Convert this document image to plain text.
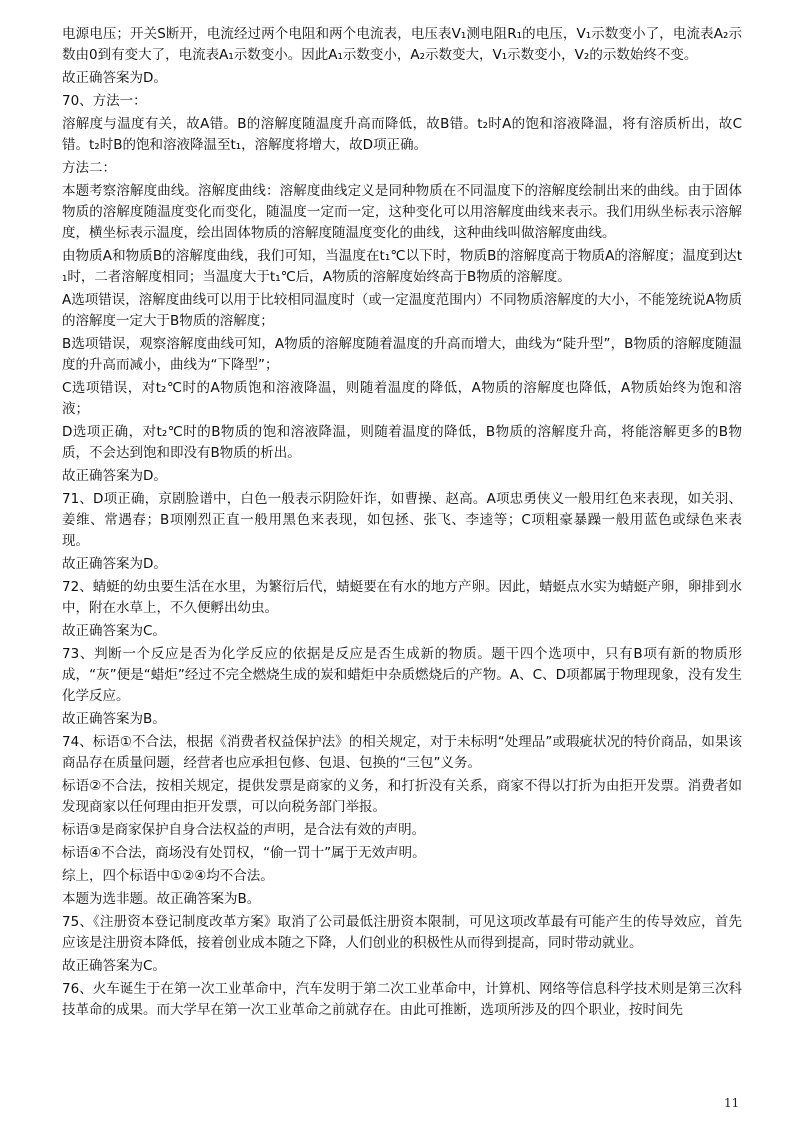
电源电压；开关S断开，电流经过两个电阻和两个电流表，电压表V₁测电阻R₁的电压，V₁示数变小了，电流表A₂示数由0到有变大了，电流表A₁示数变小。因此A₁示数变小，A₂示数变大，V₁示数变小，V₂的示数始终不变。

故正确答案为D。

70、方法一：

溶解度与温度有关，故A错。B的溶解度随温度升高而降低，故B错。t₂时A的饱和溶液降温，将有溶质析出，故C错。t₂时B的饱和溶液降温至t₁，溶解度将增大，故D项正确。

方法二：

本题考察溶解度曲线。溶解度曲线：溶解度曲线定义是同种物质在不同温度下的溶解度绘制出来的曲线。由于固体物质的溶解度随温度变化而变化，随温度一定而一定，这种变化可以用溶解度曲线来表示。我们用纵坐标表示溶解度，横坐标表示温度，绘出固体物质的溶解度随温度变化的曲线，这种曲线叫做溶解度曲线。

由物质A和物质B的溶解度曲线，我们可知，当温度在t₁℃以下时，物质B的溶解度高于物质A的溶解度；温度到达t₁时，二者溶解度相同；当温度大于t₁℃后，A物质的溶解度始终高于B物质的溶解度。

A选项错误，溶解度曲线可以用于比较相同温度时（或一定温度范围内）不同物质溶解度的大小，不能笼统说A物质的溶解度一定大于B物质的溶解度；

B选项错误，观察溶解度曲线可知，A物质的溶解度随着温度的升高而增大，曲线为“陡升型”，B物质的溶解度随温度的升高而减小，曲线为“下降型”；

C选项错误，对t₂℃时的A物质饱和溶液降温，则随着温度的降低，A物质的溶解度也降低，A物质始终为饱和溶液；

D选项正确，对t₂℃时的B物质的饱和溶液降温，则随着温度的降低，B物质的溶解度升高，将能溶解更多的B物质，不会达到饱和即没有B物质的析出。

故正确答案为D。

71、D项正确，京剧脸谱中，白色一般表示阴险奸诈，如曹操、赵高。A项忠勇侠义一般用红色来表现，如关羽、姜维、常遇春；B项刚烈正直一般用黑色来表现，如包拯、张飞、李逵等；C项粗豪暴躁一般用蓝色或绿色来表现。

故正确答案为D。

72、蜻蜓的幼虫要生活在水里，为繁衍后代，蜻蜓要在有水的地方产卵。因此，蜻蜓点水实为蜻蜓产卵，卵排到水中，附在水草上，不久便孵出幼虫。

故正确答案为C。

73、判断一个反应是否为化学反应的依据是反应是否生成新的物质。题干四个选项中，只有B项有新的物质形成，“灰”便是“蜡炬”经过不完全燃烧生成的炭和蜡炬中杂质燃烧后的产物。A、C、D项都属于物理现象，没有发生化学反应。

故正确答案为B。

74、标语①不合法，根据《消费者权益保护法》的相关规定，对于未标明“处理品”或瑕疵状况的特价商品，如果该商品存在质量问题，经营者也应承担包修、包退、包换的“三包”义务。

标语②不合法，按相关规定，提供发票是商家的义务，和打折没有关系，商家不得以打折为由拒开发票。消费者如发现商家以任何理由拒开发票，可以向税务部门举报。

标语③是商家保护自身合法权益的声明，是合法有效的声明。

标语④不合法，商场没有处罚权，“偷一罚十”属于无效声明。

综上，四个标语中①②④均不合法。

本题为选非题。故正确答案为B。

75、《注册资本登记制度改革方案》取消了公司最低注册资本限制，可见这项改革最有可能产生的传导效应，首先应该是注册资本降低，接着创业成本随之下降，人们创业的积极性从而得到提高，同时带动就业。

故正确答案为C。

76、火车诞生于在第一次工业革命中，汽车发明于第二次工业革命中，计算机、网络等信息科学技术则是第三次科技革命的成果。而大学早在第一次工业革命之前就存在。由此可推断，选项所涉及的四个职业，按时间先

11
